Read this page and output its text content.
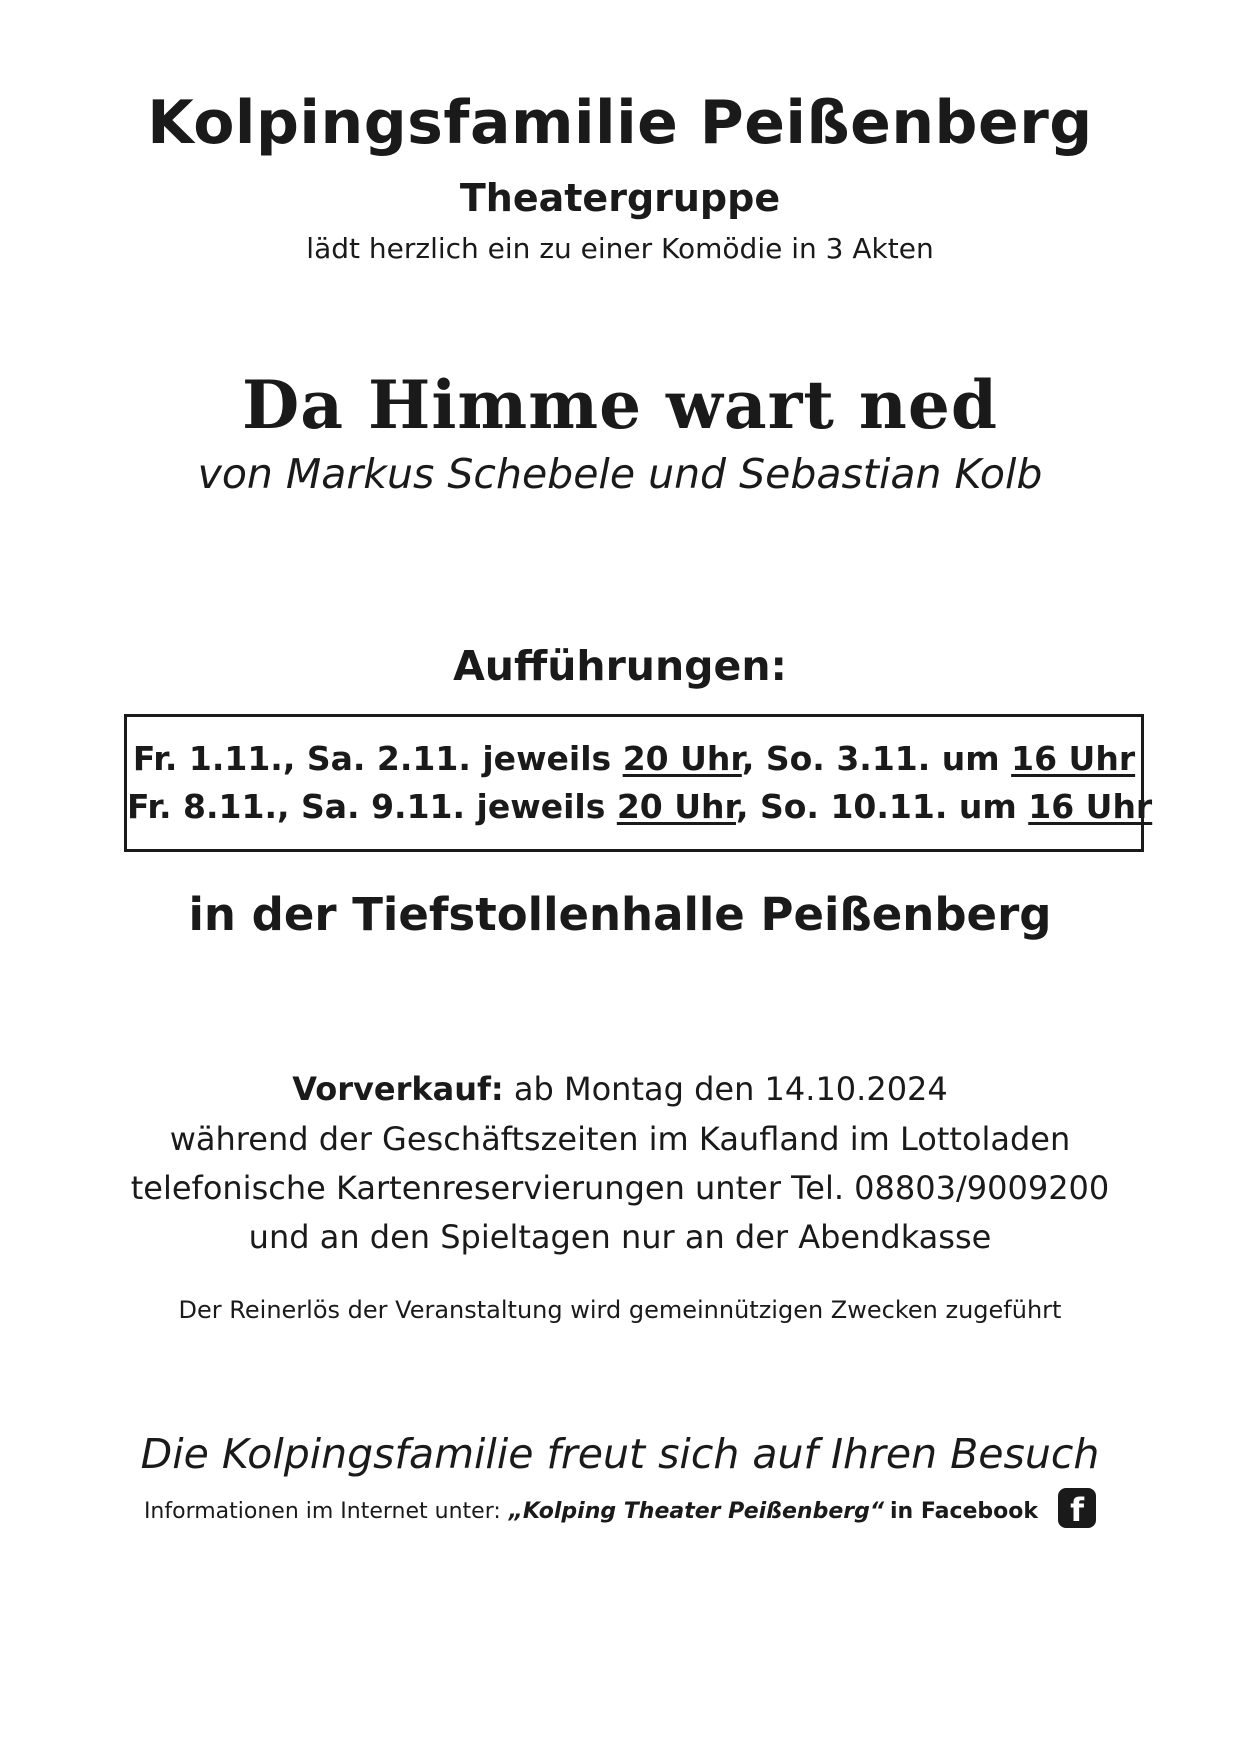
Kolpingsfamilie Peißenberg
Theatergruppe
lädt herzlich ein zu einer Komödie in 3 Akten
Da Himme wart ned
von Markus Schebele und Sebastian Kolb
Aufführungen:
Fr. 1.11., Sa. 2.11. jeweils 20 Uhr, So. 3.11. um 16 Uhr
Fr. 8.11., Sa. 9.11. jeweils 20 Uhr, So. 10.11. um 16 Uhr
in der Tiefstollenhalle Peißenberg
Vorverkauf: ab Montag den 14.10.2024
während der Geschäftszeiten im Kaufland im Lottoladen
telefonische Kartenreservierungen unter Tel. 08803/9009200
und an den Spieltagen nur an der Abendkasse
Der Reinerlös der Veranstaltung wird gemeinnützigen Zwecken zugeführt
Die Kolpingsfamilie freut sich auf Ihren Besuch
Informationen im Internet unter: „Kolping Theater Peißenberg“ in Facebook f
